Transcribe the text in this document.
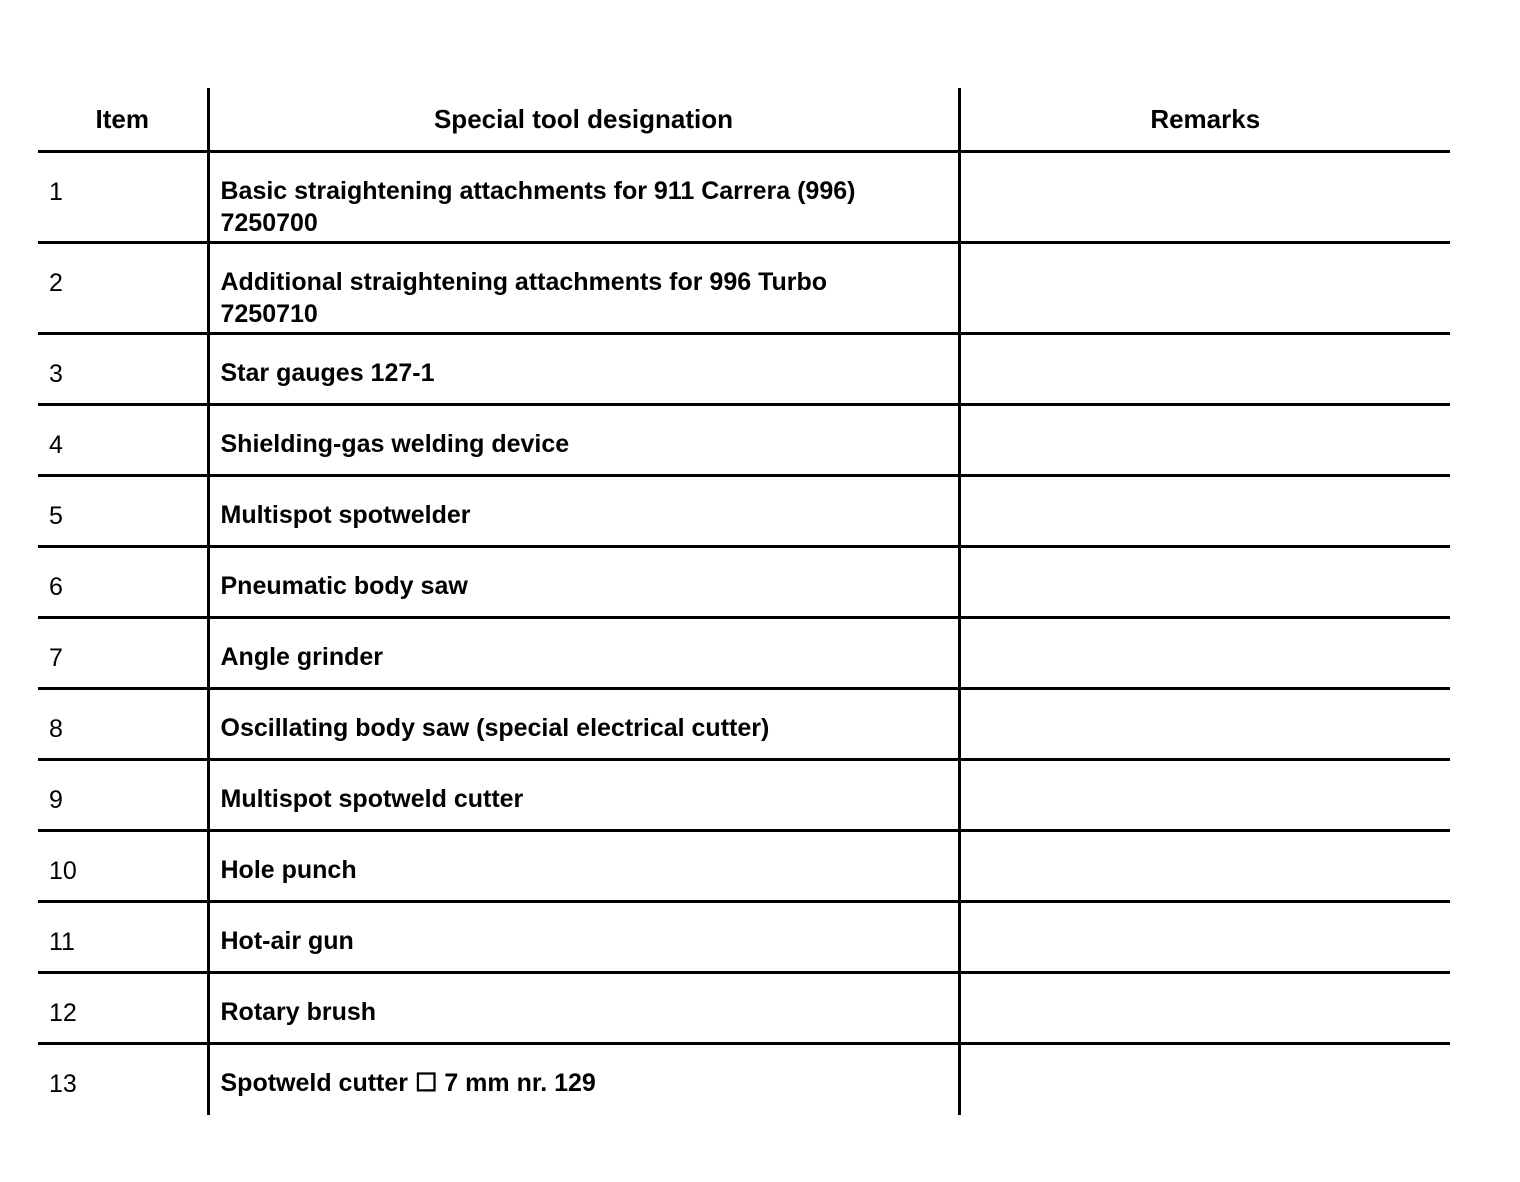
Item	Special tool designation	Remarks
1	Basic straightening attachments for 911 Carrera (996)
7250700	

2	Additional straightening attachments for 996 Turbo
7250710	

3	Star gauges 127-1	
4	Shielding-gas welding device	
5	Multispot spotwelder	
6	Pneumatic body saw	
7	Angle grinder	
8	Oscillating body saw (special electrical cutter)	
9	Multispot spotweld cutter	
10	Hole punch	
11	Hot-air gun	
12	Rotary brush	
13	Spotweld cutter ☐ 7 mm nr. 129	
